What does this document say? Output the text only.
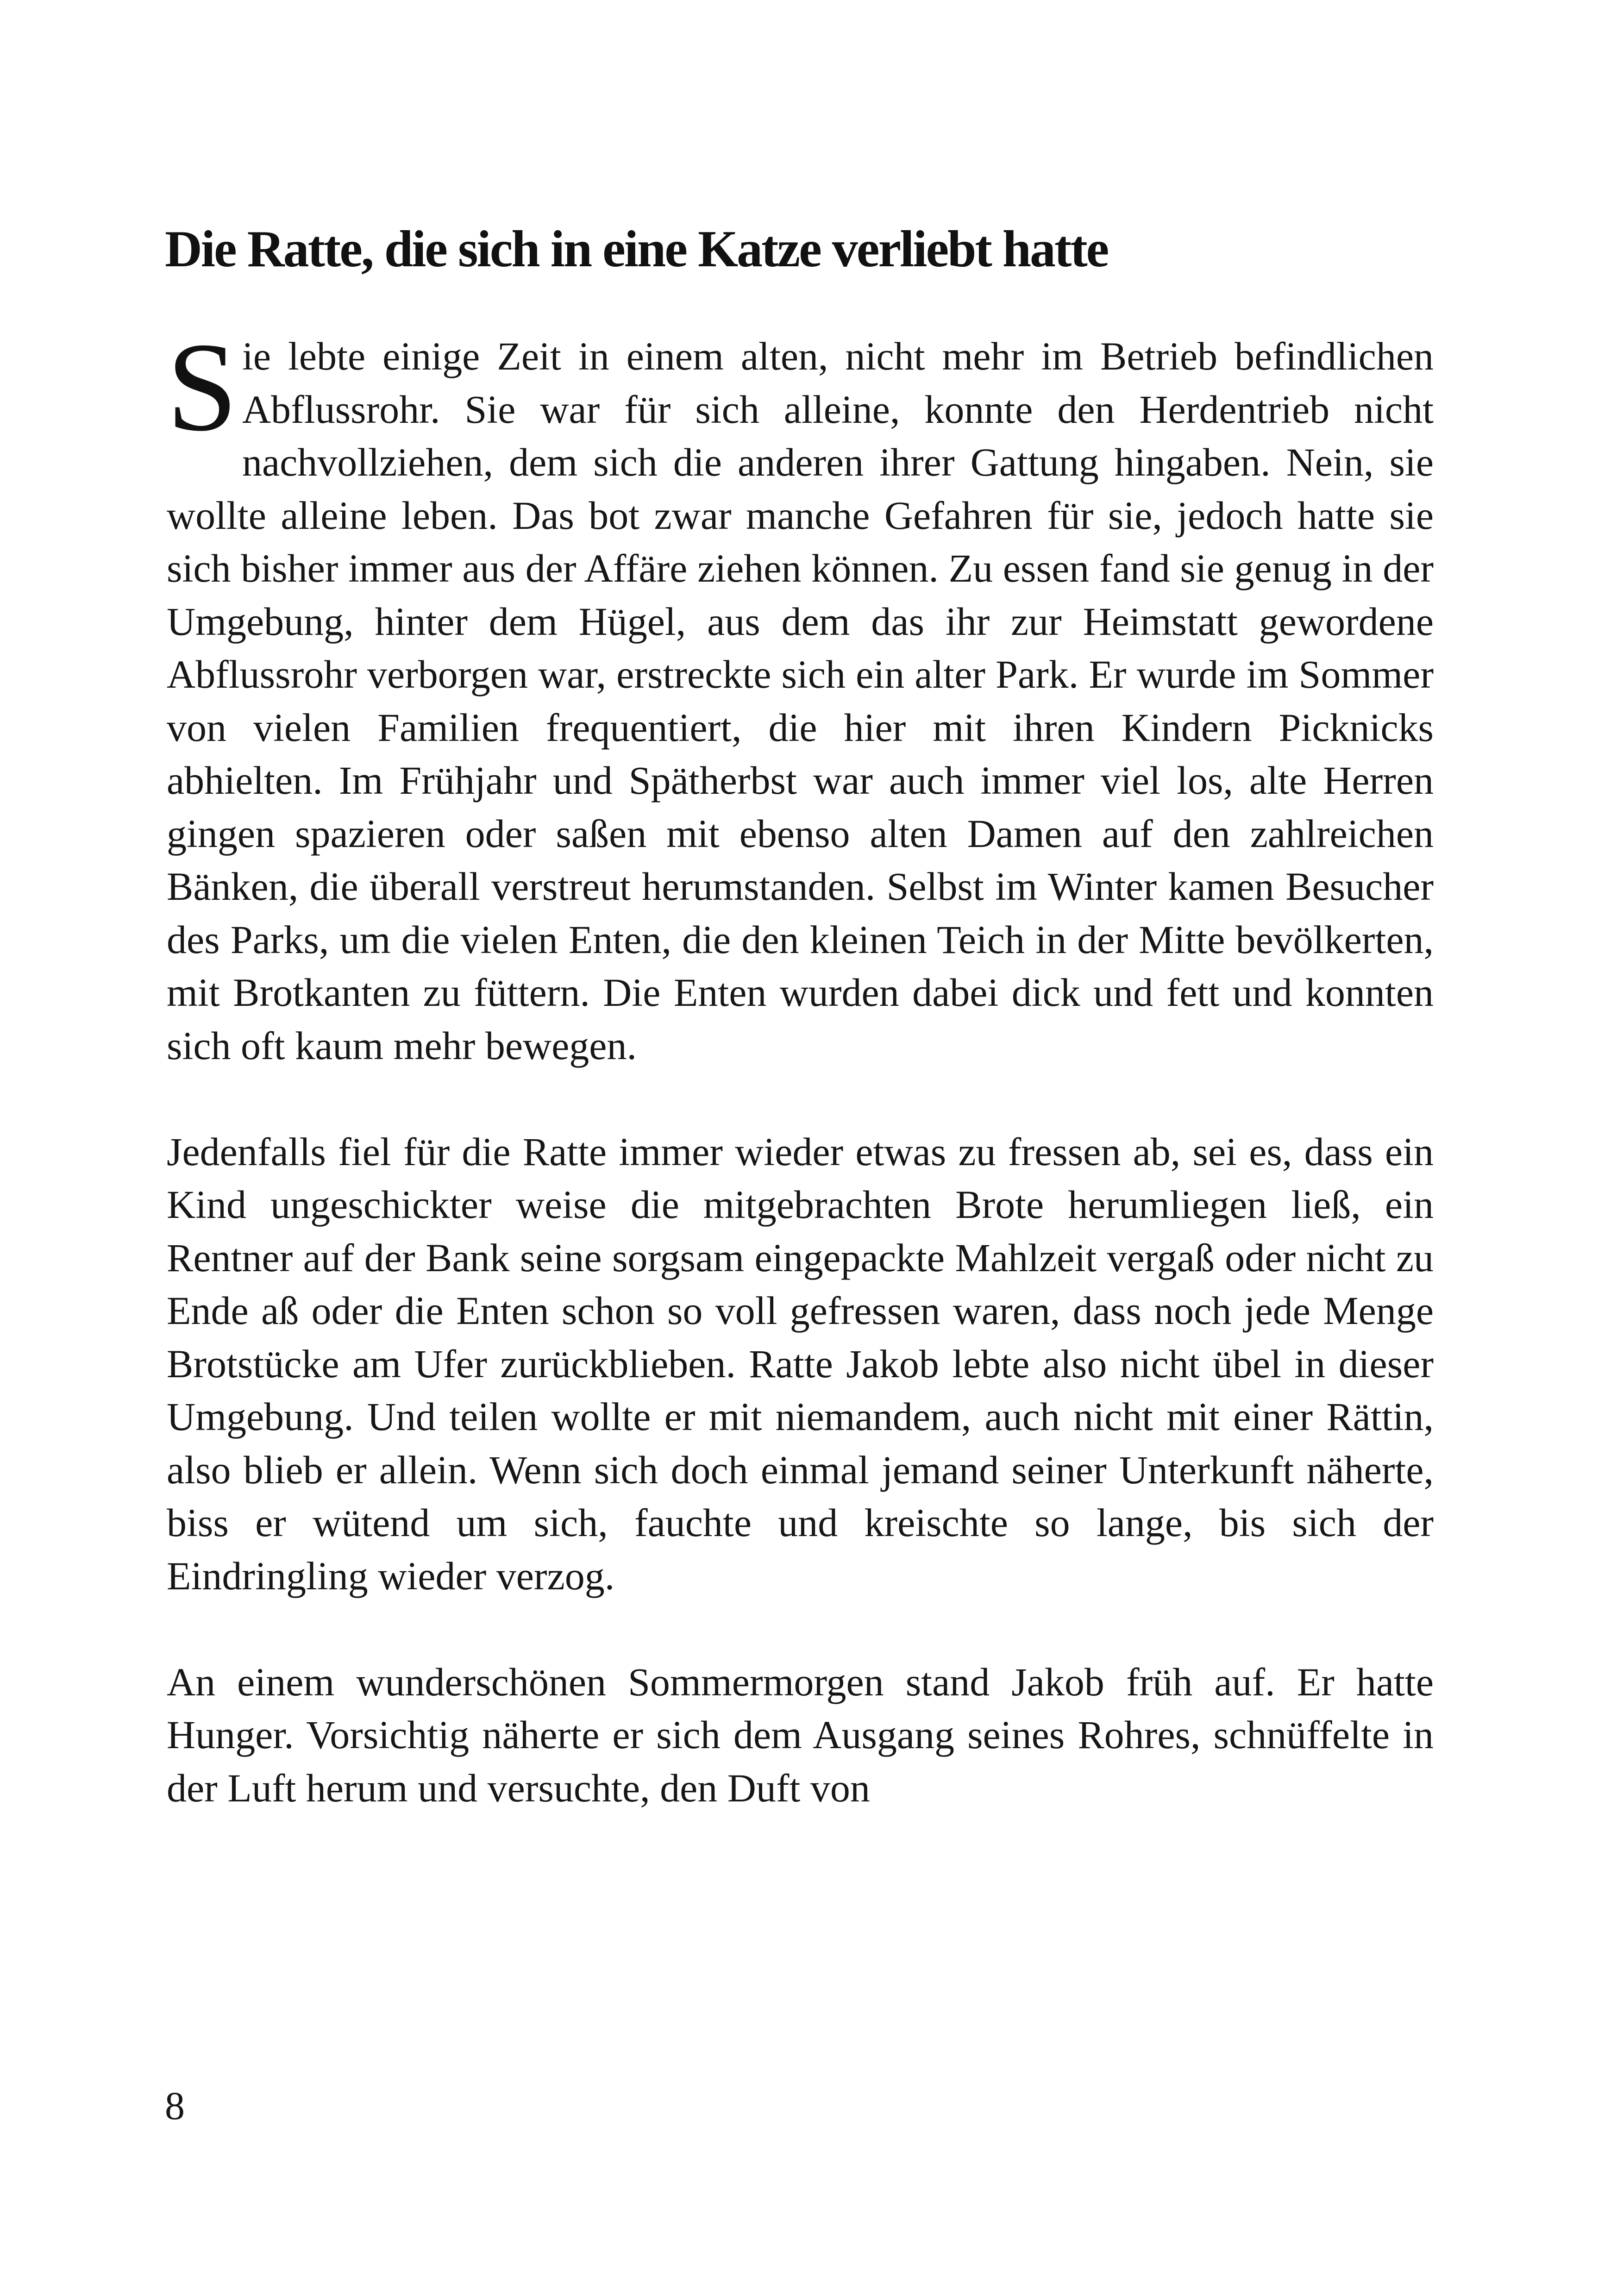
Die Ratte, die sich in eine Katze verliebt hatte

Sie lebte einige Zeit in einem alten, nicht mehr im Betrieb befindlichen Abflussrohr. Sie war für sich alleine, konnte den Herdentrieb nicht nachvollziehen, dem sich die anderen ihrer Gattung hingaben. Nein, sie wollte alleine leben. Das bot zwar manche Gefahren für sie, jedoch hatte sie sich bisher immer aus der Affäre ziehen können. Zu essen fand sie genug in der Umgebung, hinter dem Hügel, aus dem das ihr zur Heimstatt gewordene Abflussrohr verborgen war, erstreckte sich ein alter Park. Er wurde im Sommer von vielen Familien frequentiert, die hier mit ihren Kindern Picknicks abhielten. Im Frühjahr und Spätherbst war auch immer viel los, alte Herren gingen spazieren oder saßen mit ebenso alten Damen auf den zahlreichen Bänken, die überall verstreut herumstanden. Selbst im Winter kamen Besucher des Parks, um die vielen Enten, die den kleinen Teich in der Mitte bevölkerten, mit Brotkanten zu füttern. Die Enten wurden dabei dick und fett und konnten sich oft kaum mehr bewegen.

Jedenfalls fiel für die Ratte immer wieder etwas zu fressen ab, sei es, dass ein Kind ungeschickter weise die mitgebrachten Brote herumliegen ließ, ein Rentner auf der Bank seine sorgsam eingepackte Mahlzeit vergaß oder nicht zu Ende aß oder die Enten schon so voll gefressen waren, dass noch jede Menge Brotstücke am Ufer zurückblieben. Ratte Jakob lebte also nicht übel in dieser Umgebung. Und teilen wollte er mit niemandem, auch nicht mit einer Rättin, also blieb er allein. Wenn sich doch einmal jemand seiner Unterkunft näherte, biss er wütend um sich, fauchte und kreischte so lange, bis sich der Eindringling wieder verzog.

An einem wunderschönen Sommermorgen stand Jakob früh auf. Er hatte Hunger. Vorsichtig näherte er sich dem Ausgang seines Rohres, schnüffelte in der Luft herum und versuchte, den Duft von

8
